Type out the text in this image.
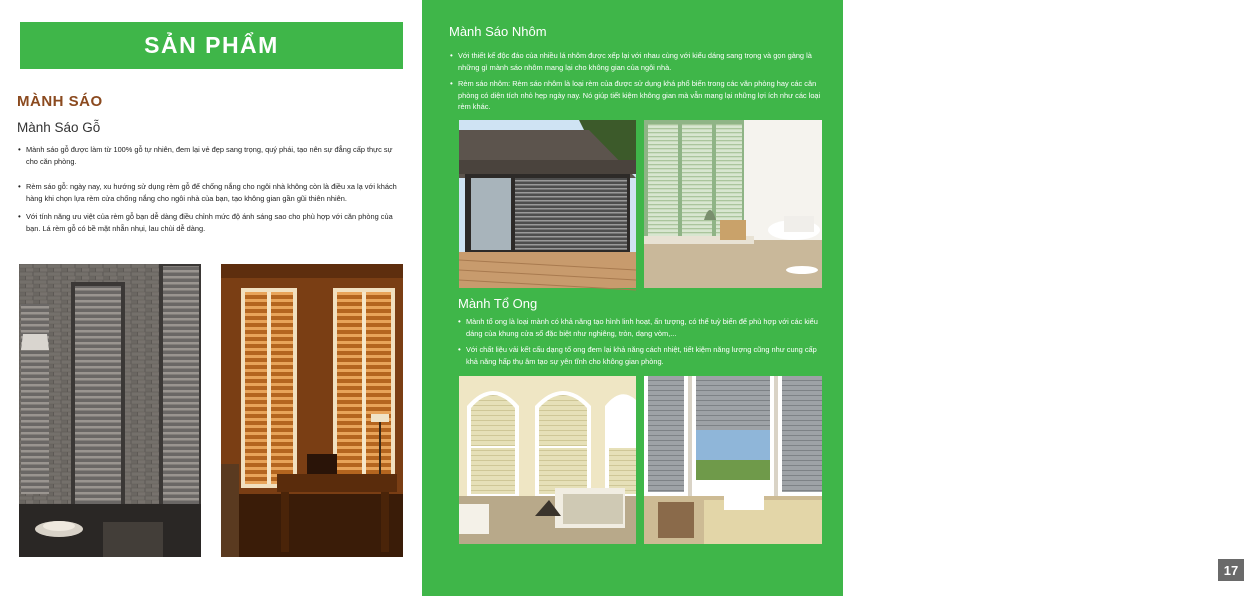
SẢN PHẨM
MÀNH SÁO
Mành Sáo Gỗ
• Mành sáo gỗ được làm từ 100% gỗ tự nhiên, đem lại vẻ đẹp sang trọng, quý phái, tạo nên sự đẳng cấp thực sự cho căn phòng.
• Rèm sáo gỗ: ngày nay, xu hướng sử dụng rèm gỗ để chống nắng cho ngôi nhà không còn là điều xa lạ với khách hàng khi chọn lựa rèm cửa chống nắng cho ngôi nhà của bạn, tạo không gian gần gũi thiên nhiên.
• Với tính năng ưu việt của rèm gỗ bạn dễ dàng điều chỉnh mức độ ánh sáng sao cho phù hợp với căn phòng của bạn. Lá rèm gỗ có bề mặt nhẵn nhụi, lau chùi dễ dàng.
Mành Sáo Nhôm
• Với thiết kế độc đáo của nhiều lá nhôm được xếp lại với nhau cùng với kiểu dáng sang trọng và gọn gàng là những gì mành sáo nhôm mang lại cho không gian của ngôi nhà.
• Rèm sáo nhôm: Rèm sáo nhôm là loại rèm của được sử dụng khá phổ biến trong các văn phòng hay các căn phòng có diện tích nhỏ hẹp ngày nay. Nó giúp tiết kiệm không gian mà vẫn mang lại những lợi ích như các loại rèm khác.
Mành Tổ Ong
• Mành tổ ong là loại mành có khả năng tạo hình linh hoạt, ấn tượng, có thể tuỳ biến để phù hợp với các kiểu dáng của khung cửa sổ đặc biệt như nghiêng, tròn, dạng vòm,...
• Với chất liệu vải kết cấu dạng tổ ong đem lại khả năng cách nhiệt, tiết kiệm năng lượng cũng như cung cấp khả năng hấp thụ âm tạo sự yên tĩnh cho không gian phòng.
17
